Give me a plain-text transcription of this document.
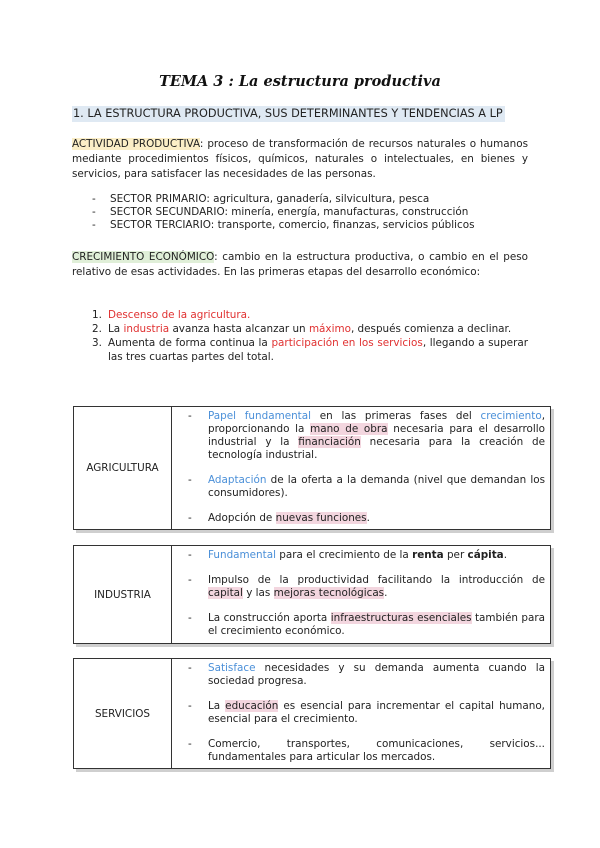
TEMA 3 : La estructura productiva
1. LA ESTRUCTURA PRODUCTIVA, SUS DETERMINANTES Y TENDENCIAS A LP

ACTIVIDAD PRODUCTIVA: proceso de transformación de recursos naturales o humanos mediante procedimientos físicos, químicos, naturales o intelectuales, en bienes y servicios, para satisfacer las necesidades de las personas.

- SECTOR PRIMARIO: agricultura, ganadería, silvicultura, pesca
- SECTOR SECUNDARIO: minería, energía, manufacturas, construcción
- SECTOR TERCIARIO: transporte, comercio, finanzas, servicios públicos

CRECIMIENTO ECONÓMICO: cambio en la estructura productiva, o cambio en el peso relativo de esas actividades. En las primeras etapas del desarrollo económico:

1. Descenso de la agricultura.
2. La industria avanza hasta alcanzar un máximo, después comienza a declinar.
3. Aumenta de forma continua la participación en los servicios, llegando a superar las tres cuartas partes del total.
AGRICULTURA
- Papel fundamental en las primeras fases del crecimiento, proporcionando la mano de obra necesaria para el desarrollo industrial y la financiación necesaria para la creación de tecnología industrial.
- Adaptación de la oferta a la demanda (nivel que demandan los consumidores).
- Adopción de nuevas funciones.
INDUSTRIA
- Fundamental para el crecimiento de la renta per cápita.
- Impulso de la productividad facilitando la introducción de capital y las mejoras tecnológicas.
- La construcción aporta infraestructuras esenciales también para el crecimiento económico.
SERVICIOS
- Satisface necesidades y su demanda aumenta cuando la sociedad progresa.
- La educación es esencial para incrementar el capital humano, esencial para el crecimiento.
- Comercio, transportes, comunicaciones, servicios... fundamentales para articular los mercados.
